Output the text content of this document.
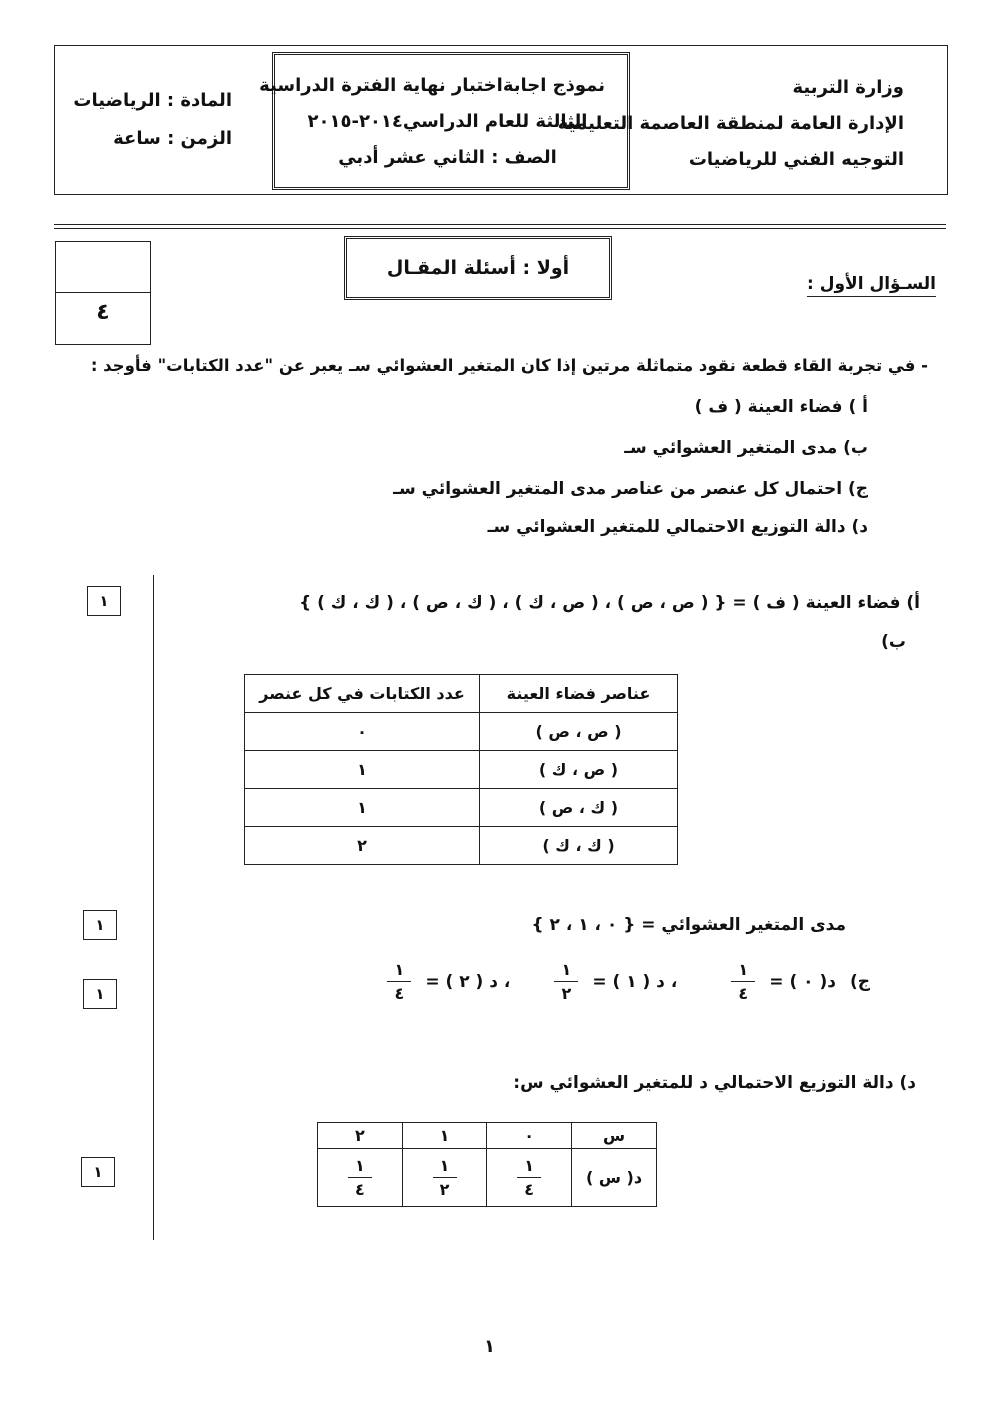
وزارة التربية
الإدارة العامة لمنطقة العاصمة التعليمية
التوجيه الفني للرياضيات
نموذج اجابةاختبار نهاية الفترة الدراسية
الثالثة للعام الدراسي٢٠١٤-٢٠١٥
الصف : الثاني عشر أدبي
المادة : الرياضيات
الزمن : ساعة
أولا : أسئلة المقـال
السـؤال الأول :
٤
- في تجربة القاء قطعة نقود متماثلة مرتين إذا كان المتغير العشوائي سـ يعبر عن "عدد الكتابات" فأوجد :
أ ) فضاء العينة ( ف )
ب) مدى المتغير العشوائي سـ
ج) احتمال كل عنصر من عناصر مدى المتغير العشوائي سـ
د) دالة التوزيع الاحتمالي للمتغير العشوائي سـ
أ) فضاء العينة ( ف ) = { ( ص ، ص ) ، ( ص ، ك ) ، ( ك ، ص ) ، ( ك ، ك ) }
ب)
١
عناصر فضاء العينة	عدد الكتابات في كل عنصر
( ص ، ص )	٠
( ص ، ك )	١
( ك ، ص )	١
( ك ، ك )	٢
مدى المتغير العشوائي = { ٠ ، ١ ، ٢ }
١
ج)
د( ٠ ) =
$\frac{١}{٤}$
، د ( ١ ) =
$\frac{١}{٢}$
، د ( ٢ ) =
$\frac{١}{٤}$
١
د) دالة التوزيع الاحتمالي د للمتغير العشوائي س:
س	٠	١	٢
د( س )	$\frac{١}{٤}$	$\frac{١}{٢}$	$\frac{١}{٤}$
١
١
